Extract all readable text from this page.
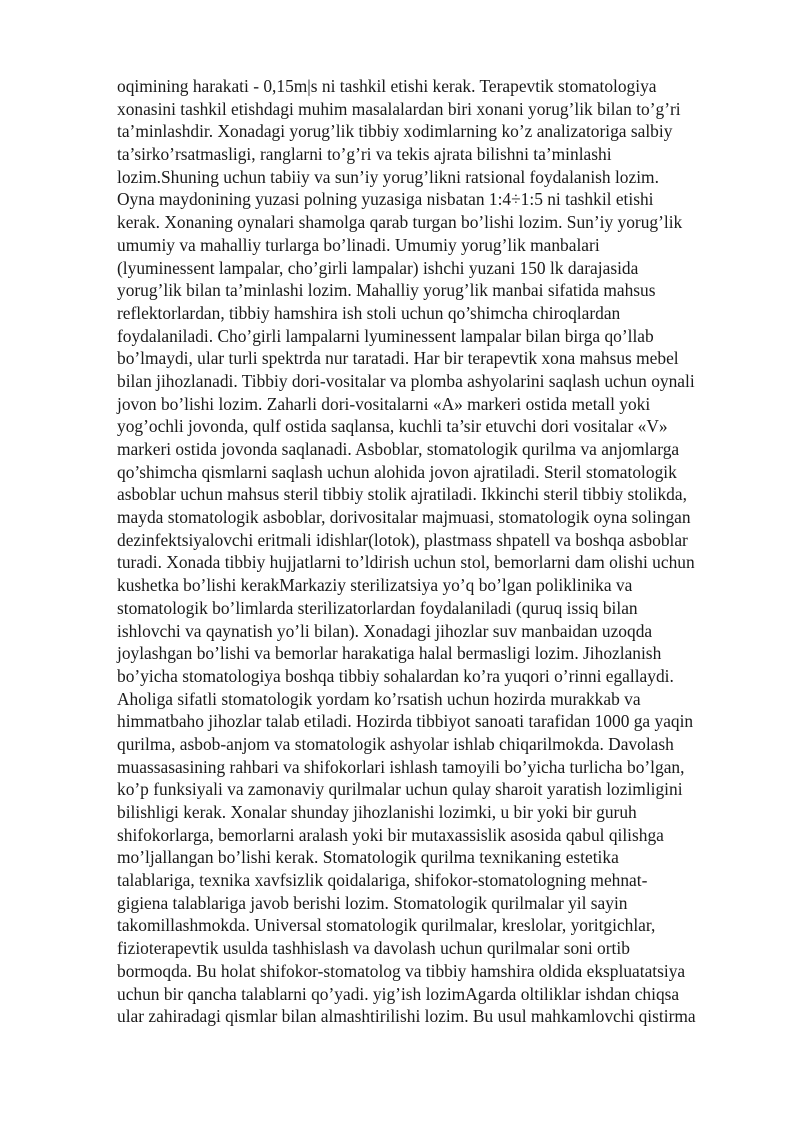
oqimining harakati - 0,15m|s ni tashkil etishi kerak. Terapevtik stomatologiya
xonasini tashkil etishdagi muhim masalalardan biri xonani yorug’lik bilan to’g’ri
ta’minlashdir. Xonadagi yorug’lik tibbiy xodimlarning ko’z analizatoriga salbiy
ta’sirko’rsatmasligi, ranglarni to’g’ri va tekis ajrata bilishni ta’minlashi
lozim.Shuning uchun tabiiy va sun’iy yorug’likni ratsional foydalanish lozim.
Oyna maydonining yuzasi polning yuzasiga nisbatan 1:4÷1:5 ni tashkil etishi
kerak. Xonaning oynalari shamolga qarab turgan bo’lishi lozim. Sun’iy yorug’lik
umumiy va mahalliy turlarga bo’linadi. Umumiy yorug’lik manbalari
(lyuminessent lampalar, cho’girli lampalar) ishchi yuzani 150 lk darajasida
yorug’lik bilan ta’minlashi lozim. Mahalliy yorug’lik manbai sifatida mahsus
reflektorlardan, tibbiy hamshira ish stoli uchun qo’shimcha chiroqlardan
foydalaniladi. Cho’girli lampalarni lyuminessent lampalar bilan birga qo’llab
bo’lmaydi, ular turli spektrda nur taratadi. Har bir terapevtik xona mahsus mebel
bilan jihozlanadi. Tibbiy dori-vositalar va plomba ashyolarini saqlash uchun oynali
jovon bo’lishi lozim. Zaharli dori-vositalarni «A» markeri ostida metall yoki
yog’ochli jovonda, qulf ostida saqlansa, kuchli ta’sir etuvchi dori vositalar «V»
markeri ostida jovonda saqlanadi. Asboblar, stomatologik qurilma va anjomlarga
qo’shimcha qismlarni saqlash uchun alohida jovon ajratiladi. Steril stomatologik
asboblar uchun mahsus steril tibbiy stolik ajratiladi. Ikkinchi steril tibbiy stolikda,
mayda stomatologik asboblar, dorivositalar majmuasi, stomatologik oyna solingan
dezinfektsiyalovchi eritmali idishlar(lotok), plastmass shpatell va boshqa asboblar
turadi. Xonada tibbiy hujjatlarni to’ldirish uchun stol, bemorlarni dam olishi uchun
kushetka bo’lishi kerakMarkaziy sterilizatsiya yo’q bo’lgan poliklinika va
stomatologik bo’limlarda sterilizatorlardan foydalaniladi (quruq issiq bilan
ishlovchi va qaynatish yo’li bilan). Xonadagi jihozlar suv manbaidan uzoqda
joylashgan bo’lishi va bemorlar harakatiga halal bermasligi lozim. Jihozlanish
bo’yicha stomatologiya boshqa tibbiy sohalardan ko’ra yuqori o’rinni egallaydi.
Aholiga sifatli stomatologik yordam ko’rsatish uchun hozirda murakkab va
himmatbaho jihozlar talab etiladi. Hozirda tibbiyot sanoati tarafidan 1000 ga yaqin
qurilma, asbob-anjom va stomatologik ashyolar ishlab chiqarilmokda. Davolash
muassasasining rahbari va shifokorlari ishlash tamoyili bo’yicha turlicha bo’lgan,
ko’p funksiyali va zamonaviy qurilmalar uchun qulay sharoit yaratish lozimligini
bilishligi kerak. Xonalar shunday jihozlanishi lozimki, u bir yoki bir guruh
shifokorlarga, bemorlarni aralash yoki bir mutaxassislik asosida qabul qilishga
mo’ljallangan bo’lishi kerak. Stomatologik qurilma texnikaning estetika
talablariga, texnika xavfsizlik qoidalariga, shifokor-stomatologning mehnat-
gigiena talablariga javob berishi lozim. Stomatologik qurilmalar yil sayin
takomillashmokda. Universal stomatologik qurilmalar, kreslolar, yoritgichlar,
fizioterapevtik usulda tashhislash va davolash uchun qurilmalar soni ortib
bormoqda. Bu holat shifokor-stomatolog va tibbiy hamshira oldida ekspluatatsiya
uchun bir qancha talablarni qo’yadi. yig’ish lozimAgarda oltiliklar ishdan chiqsa
ular zahiradagi qismlar bilan almashtirilishi lozim. Bu usul mahkamlovchi qistirma
